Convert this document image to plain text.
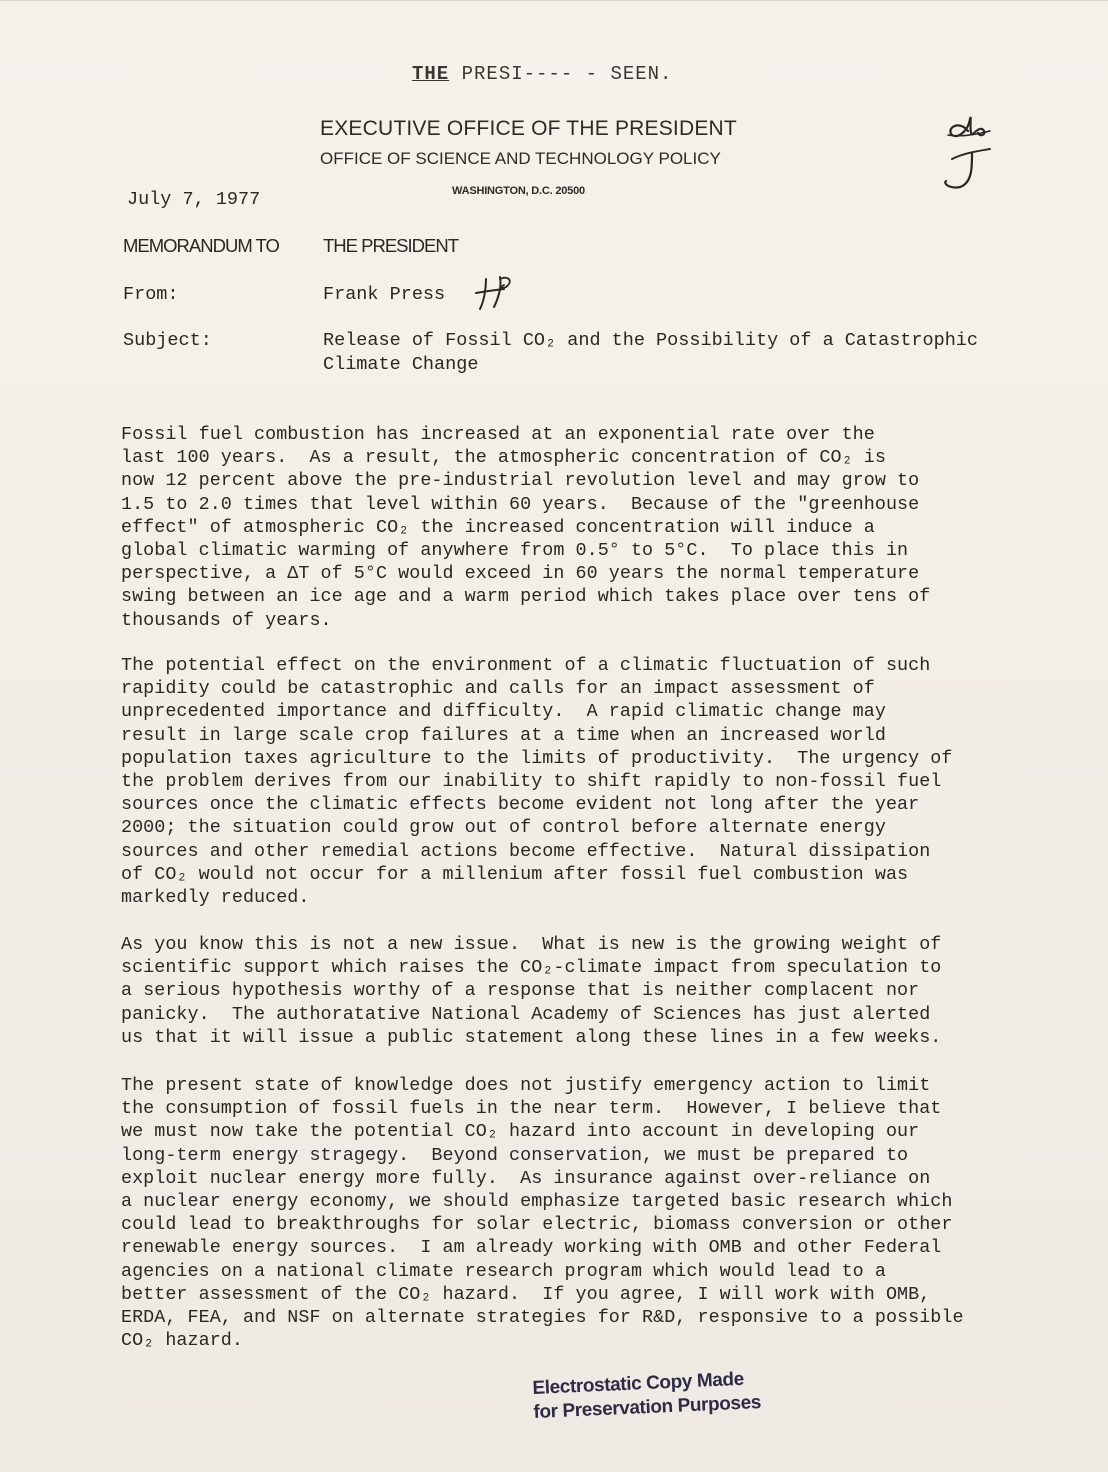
THE PRESI‐‐‐‐ ‐ SEEN.
EXECUTIVE OFFICE OF THE PRESIDENT
OFFICE OF SCIENCE AND TECHNOLOGY POLICY
WASHINGTON, D.C. 20500
July 7, 1977
MEMORANDUM TO THE PRESIDENT
From:	Frank Press
Subject:	Release of Fossil CO₂ and the Possibility of a Catastrophic
Climate Change
Fossil fuel combustion has increased at an exponential rate over the
last 100 years.  As a result, the atmospheric concentration of CO₂ is
now 12 percent above the pre-industrial revolution level and may grow to
1.5 to 2.0 times that level within 60 years.  Because of the "greenhouse
effect" of atmospheric CO₂ the increased concentration will induce a
global climatic warming of anywhere from 0.5° to 5°C.  To place this in
perspective, a ΔT of 5°C would exceed in 60 years the normal temperature
swing between an ice age and a warm period which takes place over tens of
thousands of years.
The potential effect on the environment of a climatic fluctuation of such
rapidity could be catastrophic and calls for an impact assessment of
unprecedented importance and difficulty.  A rapid climatic change may
result in large scale crop failures at a time when an increased world
population taxes agriculture to the limits of productivity.  The urgency of
the problem derives from our inability to shift rapidly to non-fossil fuel
sources once the climatic effects become evident not long after the year
2000; the situation could grow out of control before alternate energy
sources and other remedial actions become effective.  Natural dissipation
of CO₂ would not occur for a millenium after fossil fuel combustion was
markedly reduced.
As you know this is not a new issue.  What is new is the growing weight of
scientific support which raises the CO₂-climate impact from speculation to
a serious hypothesis worthy of a response that is neither complacent nor
panicky.  The authoratative National Academy of Sciences has just alerted
us that it will issue a public statement along these lines in a few weeks.
The present state of knowledge does not justify emergency action to limit
the consumption of fossil fuels in the near term.  However, I believe that
we must now take the potential CO₂ hazard into account in developing our
long-term energy stragegy.  Beyond conservation, we must be prepared to
exploit nuclear energy more fully.  As insurance against over-reliance on
a nuclear energy economy, we should emphasize targeted basic research which
could lead to breakthroughs for solar electric, biomass conversion or other
renewable energy sources.  I am already working with OMB and other Federal
agencies on a national climate research program which would lead to a
better assessment of the CO₂ hazard.  If you agree, I will work with OMB,
ERDA, FEA, and NSF on alternate strategies for R&D, responsive to a possible
CO₂ hazard.
Electrostatic Copy Made
for Preservation Purposes
